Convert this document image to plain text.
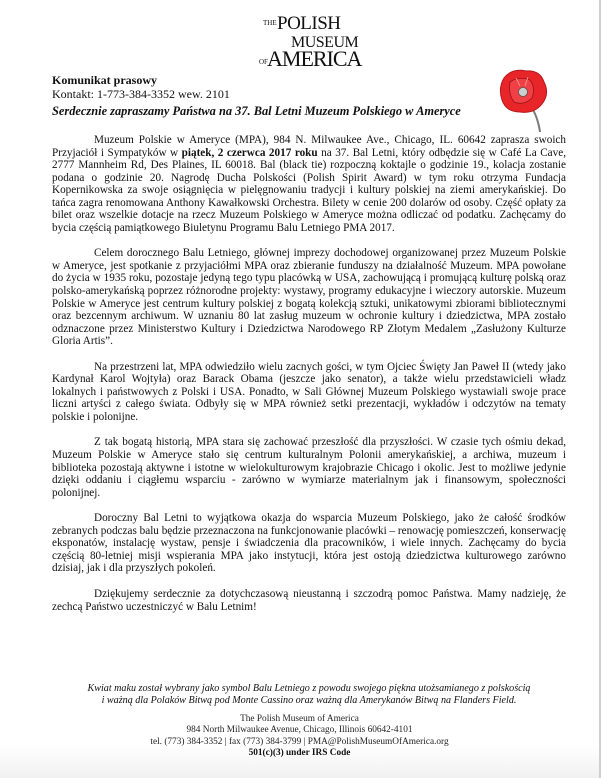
THE POLISH
MUSEUM
OF AMERICA
Komunikat prasowy
Kontakt: 1-773-384-3352 wew. 2101
Serdecznie zapraszamy Państwa na 37. Bal Letni Muzeum Polskiego w Ameryce

Muzeum Polskie w Ameryce (MPA), 984 N. Milwaukee Ave., Chicago, IL. 60642 zaprasza swoich Przyjaciół i Sympatyków w piątek, 2 czerwca 2017 roku na 37. Bal Letni, który odbędzie się w Café La Cave, 2777 Mannheim Rd, Des Plaines, IL 60018. Bal (black tie) rozpoczną koktajle o godzinie 19., kolacja zostanie podana o godzinie 20. Nagrodę Ducha Polskości (Polish Spirit Award) w tym roku otrzyma Fundacja Kopernikowska za swoje osiągnięcia w pielęgnowaniu tradycji i kultury polskiej na ziemi amerykańskiej. Do tańca zagra renomowana Anthony Kawałkowski Orchestra. Bilety w cenie 200 dolarów od osoby. Część opłaty za bilet oraz wszelkie dotacje na rzecz Muzeum Polskiego w Ameryce można odliczać od podatku. Zachęcamy do bycia częścią pamiątkowego Biuletynu Programu Balu Letniego PMA 2017.

Celem dorocznego Balu Letniego, głównej imprezy dochodowej organizowanej przez Muzeum Polskie w Ameryce, jest spotkanie z przyjaciółmi MPA oraz zbieranie funduszy na działalność Muzeum. MPA powołane do życia w 1935 roku, pozostaje jedyną tego typu placówką w USA, zachowującą i promującą kulturę polską oraz polsko-amerykańską poprzez różnorodne projekty: wystawy, programy edukacyjne i wieczory autorskie. Muzeum Polskie w Ameryce jest centrum kultury polskiej z bogatą kolekcją sztuki, unikatowymi zbiorami bibliotecznymi oraz bezcennym archiwum. W uznaniu 80 lat zasług muzeum w ochronie kultury i dziedzictwa, MPA zostało odznaczone przez Ministerstwo Kultury i Dziedzictwa Narodowego RP Złotym Medalem „Zasłużony Kulturze Gloria Artis”.

Na przestrzeni lat, MPA odwiedziło wielu zacnych gości, w tym Ojciec Święty Jan Paweł II (wtedy jako Kardynał Karol Wojtyła) oraz Barack Obama (jeszcze jako senator), a także wielu przedstawicieli władz lokalnych i państwowych z Polski i USA. Ponadto, w Sali Głównej Muzeum Polskiego wystawiali swoje prace liczni artyści z całego świata. Odbyły się w MPA również setki prezentacji, wykładów i odczytów na tematy polskie i polonijne.

Z tak bogatą historią, MPA stara się zachować przeszłość dla przyszłości. W czasie tych ośmiu dekad, Muzeum Polskie w Ameryce stało się centrum kulturalnym Polonii amerykańskiej, a archiwa, muzeum i biblioteka pozostają aktywne i istotne w wielokulturowym krajobrazie Chicago i okolic. Jest to możliwe jedynie dzięki oddaniu i ciągłemu wsparciu - zarówno w wymiarze materialnym jak i finansowym, społeczności polonijnej.

Doroczny Bal Letni to wyjątkowa okazja do wsparcia Muzeum Polskiego, jako że całość środków zebranych podczas balu będzie przeznaczona na funkcjonowanie placówki – renowację pomieszczeń, konserwację eksponatów, instalację wystaw, pensje i świadczenia dla pracowników, i wiele innych. Zachęcamy do bycia częścią 80-letniej misji wspierania MPA jako instytucji, która jest ostoją dziedzictwa kulturowego zarówno dzisiaj, jak i dla przyszłych pokoleń.

Dziękujemy serdecznie za dotychczasową nieustanną i szczodrą pomoc Państwa. Mamy nadzieję, że zechcą Państwo uczestniczyć w Balu Letnim!

Kwiat maku został wybrany jako symbol Balu Letniego z powodu swojego piękna utożsamianego z polskością
i ważną dla Polaków Bitwą pod Monte Cassino oraz ważną dla Amerykanów Bitwą na Flanders Field.
The Polish Museum of America
984 North Milwaukee Avenue, Chicago, Illinois 60642-4101
tel. (773) 384-3352 | fax (773) 384-3799 | PMA@PolishMuseumOfAmerica.org
501(c)(3) under IRS Code
